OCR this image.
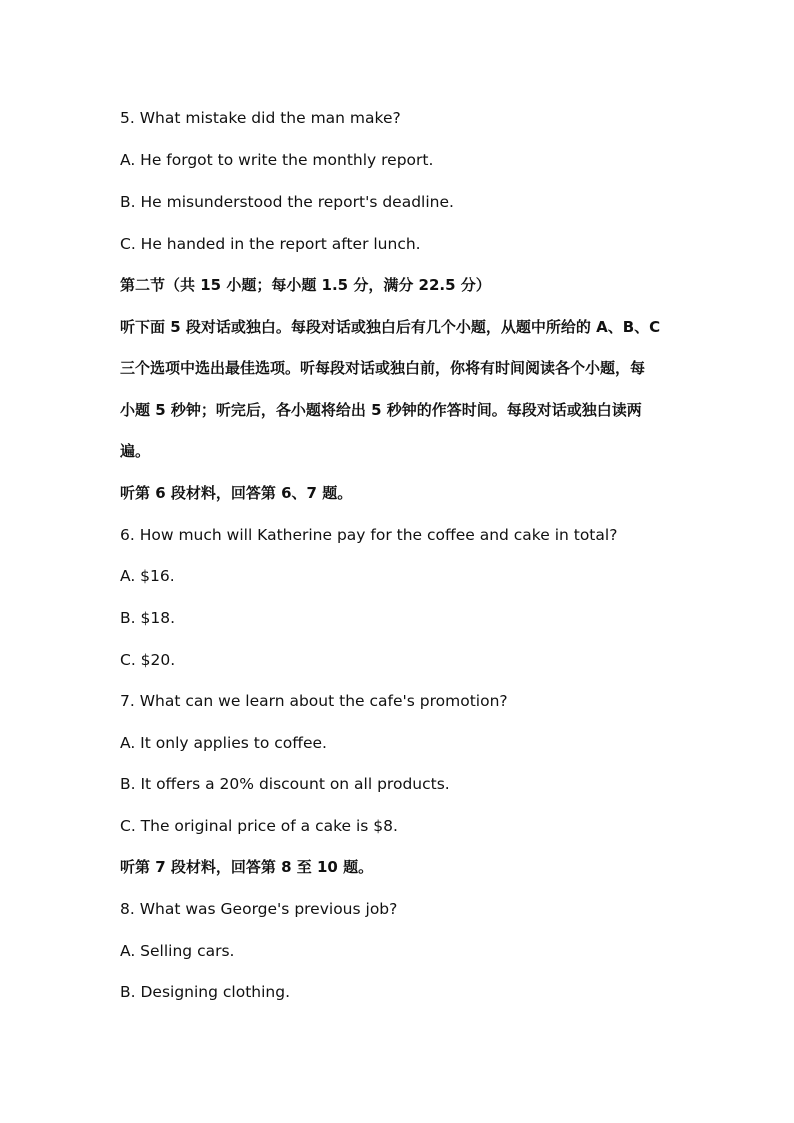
5. What mistake did the man make?
A. He forgot to write the monthly report.
B. He misunderstood the report's deadline.
C. He handed in the report after lunch.
第二节（共 15 小题；每小题 1.5 分，满分 22.5 分）
听下面 5 段对话或独白。每段对话或独白后有几个小题，从题中所给的 A、B、C
三个选项中选出最佳选项。听每段对话或独白前，你将有时间阅读各个小题，每
小题 5 秒钟；听完后，各小题将给出 5 秒钟的作答时间。每段对话或独白读两
遍。
听第 6 段材料，回答第 6、7 题。
6. How much will Katherine pay for the coffee and cake in total?
A. $16.
B. $18.
C. $20.
7. What can we learn about the cafe's promotion?
A. It only applies to coffee.
B. It offers a 20% discount on all products.
C. The original price of a cake is $8.
听第 7 段材料，回答第 8 至 10 题。
8. What was George's previous job?
A. Selling cars.
B. Designing clothing.
